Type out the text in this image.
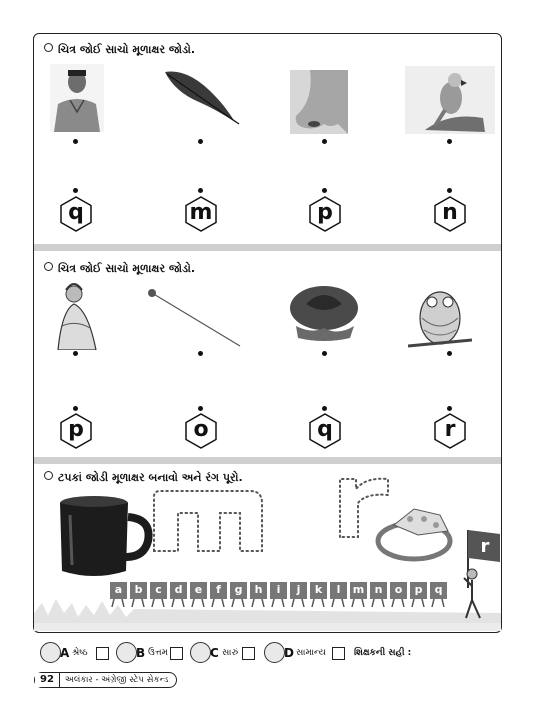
ચિત્ર જોઈ સાચો મૂળાક્ષર જોડો.
q	m	p	n
ચિત્ર જોઈ સાચો મૂળાક્ષર જોડો.
p	o	q	r
ટપકાં જોડી મૂળાક્ષર બનાવો અને રંગ પૂરો.
a	b	c	d	e	f	g	h	i	j	k	l	m n	o	p	q
r
A શ્રેષ્ઠ	B ઉત્તમ	C સારું	D સામાન્ય	શિક્ષકની સહી :
92 અલંકાર - અંગ્રેજી સ્ટેપ સેકન્ડ
